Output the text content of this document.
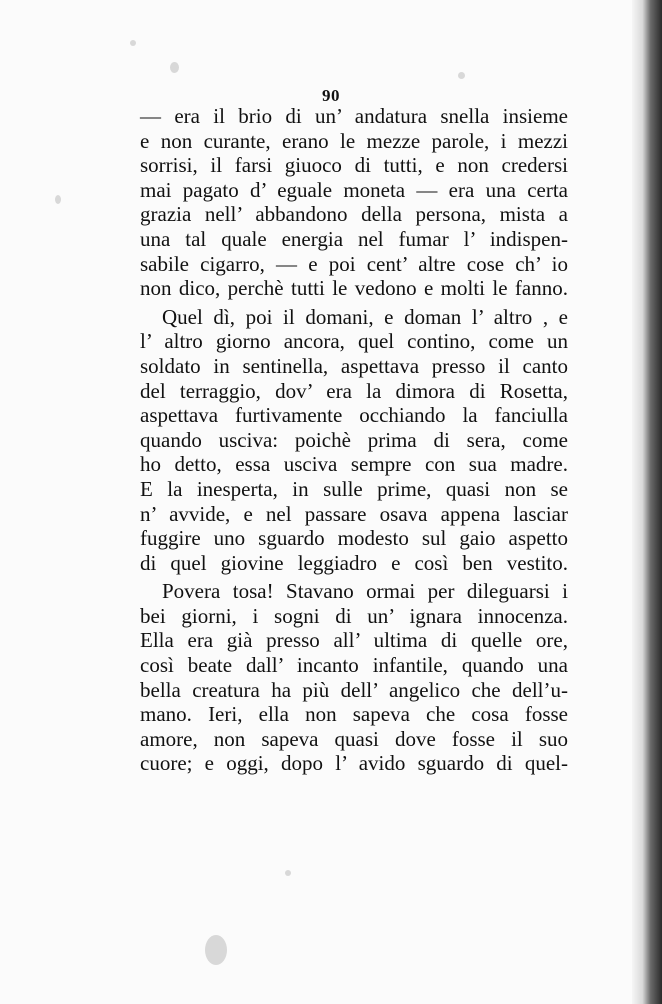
90
— era il brio di un’ andatura snella insieme
e non curante, erano le mezze parole, i mezzi
sorrisi, il farsi giuoco di tutti, e non credersi
mai pagato d’ eguale moneta — era una certa
grazia nell’ abbandono della persona, mista a
una tal quale energia nel fumar l’ indispen-
sabile cigarro, — e poi cent’ altre cose ch’ io
non dico, perchè tutti le vedono e molti le fanno.
Quel dì, poi il domani, e doman l’ altro , e
l’ altro giorno ancora, quel contino, come un
soldato in sentinella, aspettava presso il canto
del terraggio, dov’ era la dimora di Rosetta,
aspettava furtivamente occhiando la fanciulla
quando usciva: poichè prima di sera, come
ho detto, essa usciva sempre con sua madre.
E la inesperta, in sulle prime, quasi non se
n’ avvide, e nel passare osava appena lasciar
fuggire uno sguardo modesto sul gaio aspetto
di quel giovine leggiadro e così ben vestito.
Povera tosa! Stavano ormai per dileguarsi i
bei giorni, i sogni di un’ ignara innocenza.
Ella era già presso all’ ultima di quelle ore,
così beate dall’ incanto infantile, quando una
bella creatura ha più dell’ angelico che dell’u-
mano. Ieri, ella non sapeva che cosa fosse
amore, non sapeva quasi dove fosse il suo
cuore; e oggi, dopo l’ avido sguardo di quel-
